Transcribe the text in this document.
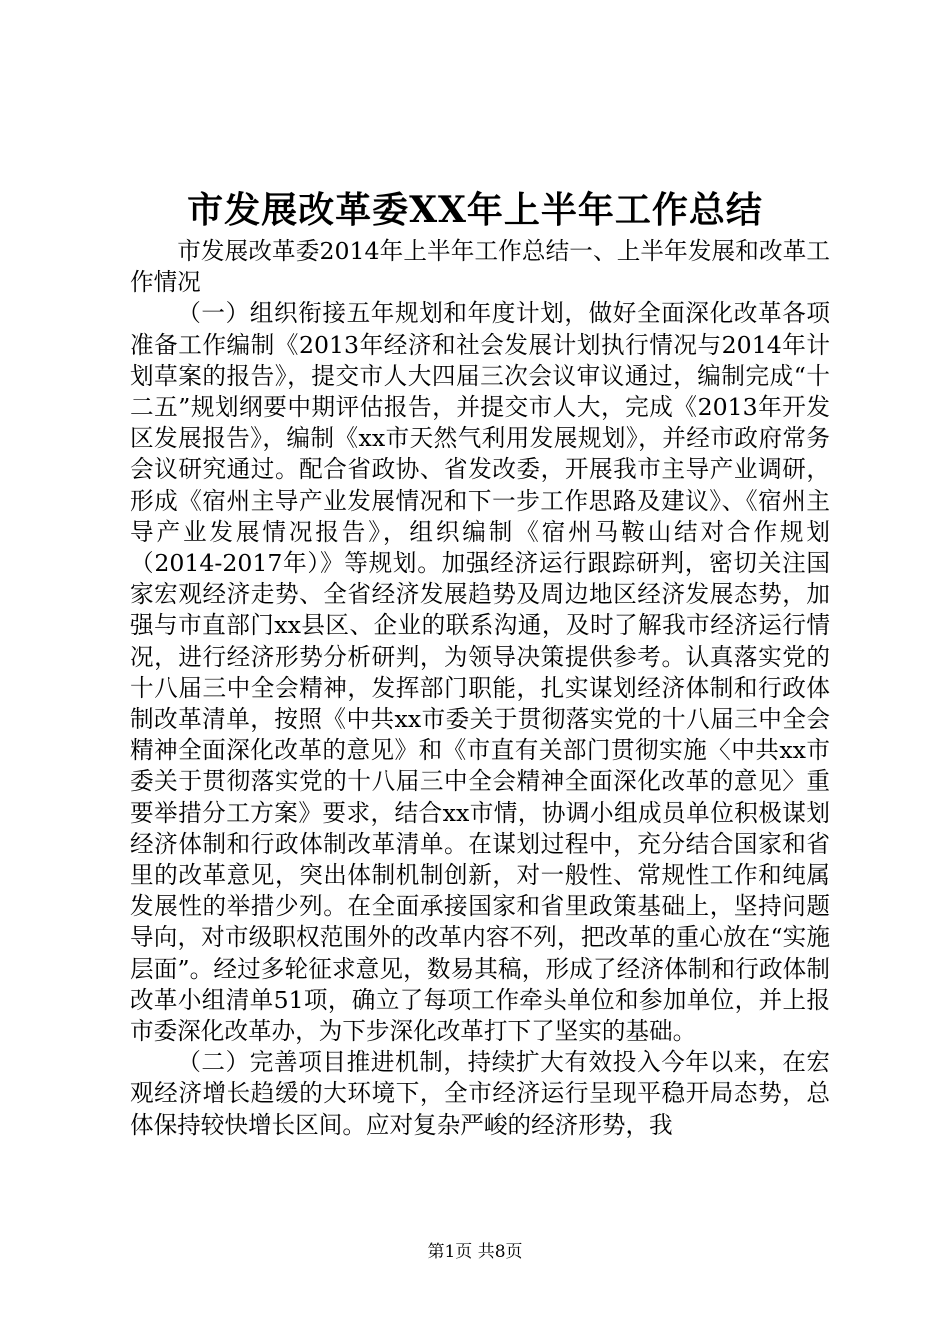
市发展改革委XX年上半年工作总结

市发展改革委2014年上半年工作总结一、上半年发展和改革工作情况

（一）组织衔接五年规划和年度计划，做好全面深化改革各项准备工作编制《2013年经济和社会发展计划执行情况与2014年计划草案的报告》，提交市人大四届三次会议审议通过，编制完成“十二五”规划纲要中期评估报告，并提交市人大，完成《2013年开发区发展报告》，编制《xx市天然气利用发展规划》，并经市政府常务会议研究通过。配合省政协、省发改委，开展我市主导产业调研，形成《宿州主导产业发展情况和下一步工作思路及建议》、《宿州主导产业发展情况报告》，组织编制《宿州马鞍山结对合作规划（2014-2017年）》等规划。加强经济运行跟踪研判，密切关注国家宏观经济走势、全省经济发展趋势及周边地区经济发展态势，加强与市直部门xx县区、企业的联系沟通，及时了解我市经济运行情况，进行经济形势分析研判，为领导决策提供参考。认真落实党的十八届三中全会精神，发挥部门职能，扎实谋划经济体制和行政体制改革清单，按照《中共xx市委关于贯彻落实党的十八届三中全会精神全面深化改革的意见》和《市直有关部门贯彻实施〈中共xx市委关于贯彻落实党的十八届三中全会精神全面深化改革的意见〉重要举措分工方案》要求，结合xx市情，协调小组成员单位积极谋划经济体制和行政体制改革清单。在谋划过程中，充分结合国家和省里的改革意见，突出体制机制创新，对一般性、常规性工作和纯属发展性的举措少列。在全面承接国家和省里政策基础上，坚持问题导向，对市级职权范围外的改革内容不列，把改革的重心放在“实施层面”。经过多轮征求意见，数易其稿，形成了经济体制和行政体制改革小组清单51项，确立了每项工作牵头单位和参加单位，并上报市委深化改革办，为下步深化改革打下了坚实的基础。

（二）完善项目推进机制，持续扩大有效投入今年以来，在宏观经济增长趋缓的大环境下，全市经济运行呈现平稳开局态势，总体保持较快增长区间。应对复杂严峻的经济形势，我

第1页 共8页
